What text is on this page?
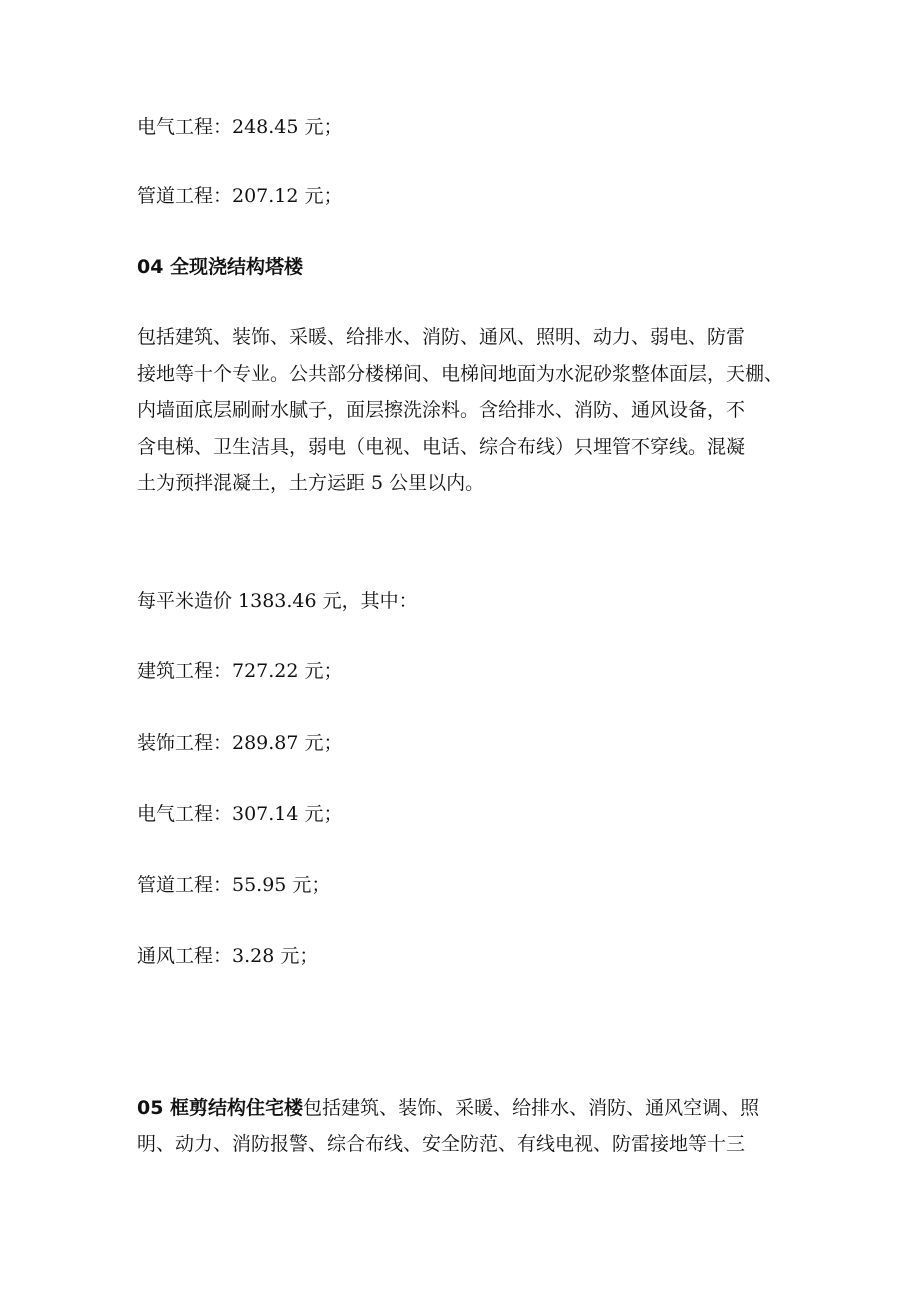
电气工程：248.45 元；
管道工程：207.12 元；
04 全现浇结构塔楼
包括建筑、装饰、采暖、给排水、消防、通风、照明、动力、弱电、防雷
接地等十个专业。公共部分楼梯间、电梯间地面为水泥砂浆整体面层，天棚、
内墙面底层刷耐水腻子，面层擦洗涂料。含给排水、消防、通风设备，不
含电梯、卫生洁具，弱电（电视、电话、综合布线）只埋管不穿线。混凝
土为预拌混凝土，土方运距 5 公里以内。
每平米造价 1383.46 元，其中：
建筑工程：727.22 元；
装饰工程：289.87 元；
电气工程：307.14 元；
管道工程：55.95 元；
通风工程：3.28 元；
05 框剪结构住宅楼包括建筑、装饰、采暖、给排水、消防、通风空调、照
明、动力、消防报警、综合布线、安全防范、有线电视、防雷接地等十三
